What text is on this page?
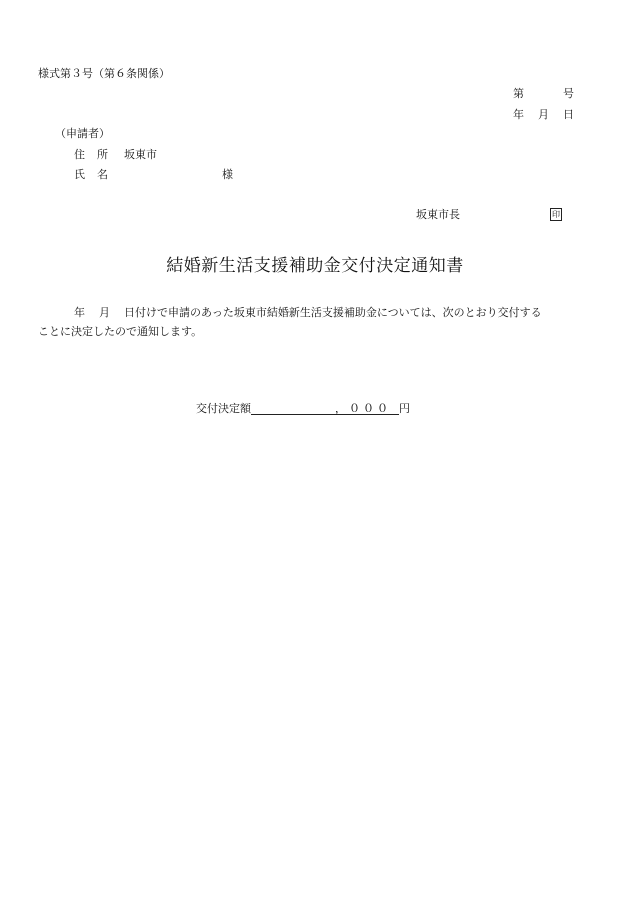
様式第３号（第６条関係）
第	号
年 月 日
（申請者）
住 所 坂東市
氏 名	様
坂東市長	印
結婚新生活支援補助金交付決定通知書
年 月 日付けで申請のあった坂東市結婚新生活支援補助金については、次のとおり交付する
ことに決定したので通知します。
交付決定額	，０００ 円
